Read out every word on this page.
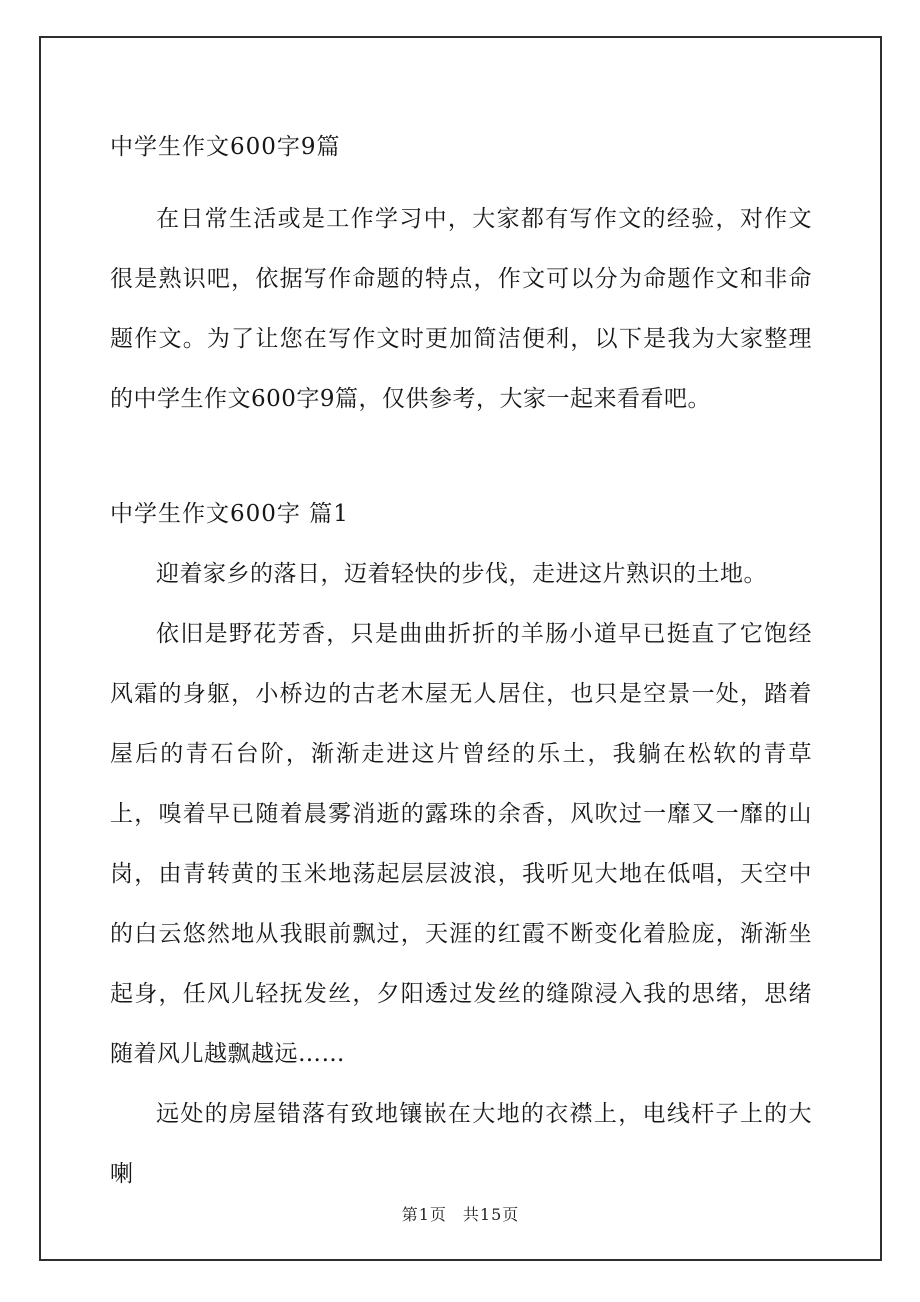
中学生作文600字9篇

在日常生活或是工作学习中，大家都有写作文的经验，对作文很是熟识吧，依据写作命题的特点，作文可以分为命题作文和非命题作文。为了让您在写作文时更加简洁便利，以下是我为大家整理的中学生作文600字9篇，仅供参考，大家一起来看看吧。

中学生作文600字 篇1

迎着家乡的落日，迈着轻快的步伐，走进这片熟识的土地。

依旧是野花芳香，只是曲曲折折的羊肠小道早已挺直了它饱经风霜的身躯，小桥边的古老木屋无人居住，也只是空景一处，踏着屋后的青石台阶，渐渐走进这片曾经的乐土，我躺在松软的青草上，嗅着早已随着晨雾消逝的露珠的余香，风吹过一靡又一靡的山岗，由青转黄的玉米地荡起层层波浪，我听见大地在低唱，天空中的白云悠然地从我眼前飘过，天涯的红霞不断变化着脸庞，渐渐坐起身，任风儿轻抚发丝，夕阳透过发丝的缝隙浸入我的思绪，思绪随着风儿越飘越远……

远处的房屋错落有致地镶嵌在大地的衣襟上，电线杆子上的大喇

第1页 共15页
